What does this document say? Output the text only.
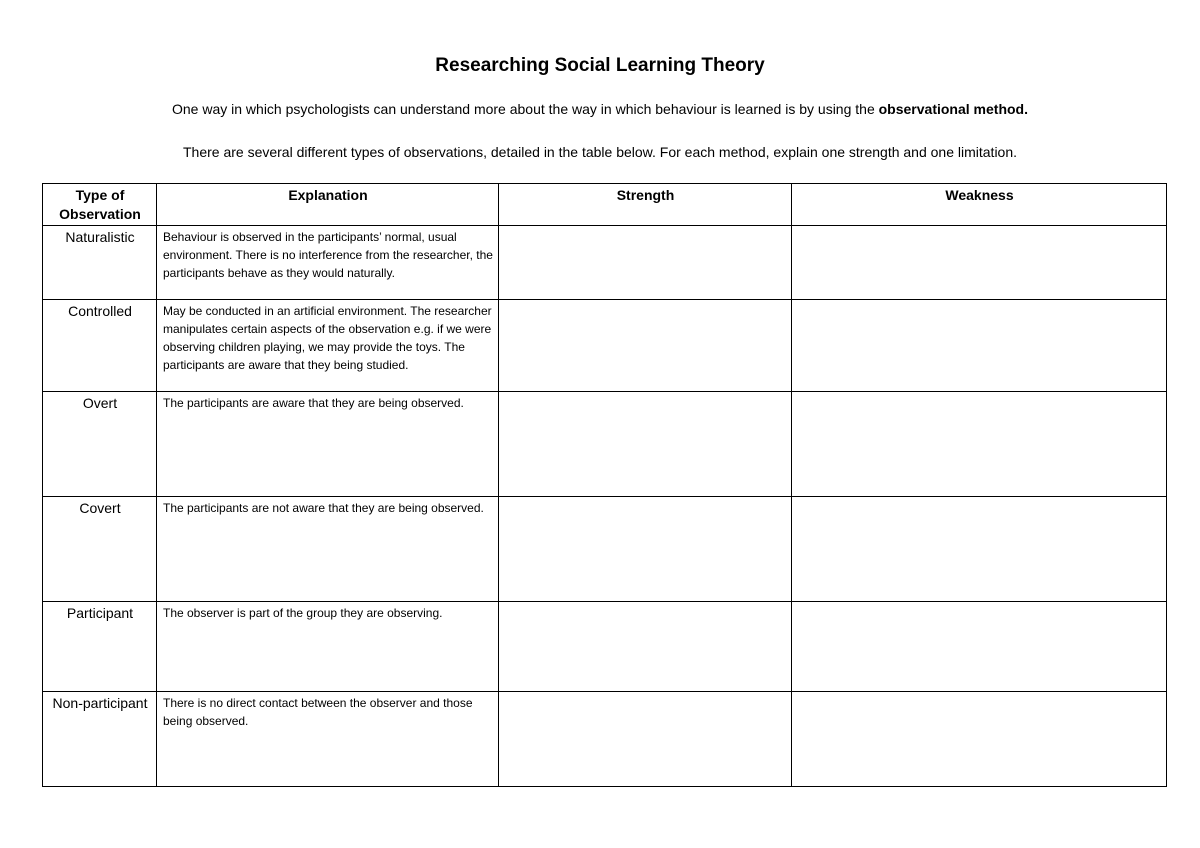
Researching Social Learning Theory
One way in which psychologists can understand more about the way in which behaviour is learned is by using the observational method.
There are several different types of observations, detailed in the table below. For each method, explain one strength and one limitation.
Type of Observation	Explanation	Strength	Weakness
Naturalistic	Behaviour is observed in the participants’ normal, usual environment. There is no interference from the researcher, the participants behave as they would naturally.		
Controlled	May be conducted in an artificial environment. The researcher manipulates certain aspects of the observation e.g. if we were observing children playing, we may provide the toys. The participants are aware that they being studied.		
Overt	The participants are aware that they are being observed.		
Covert	The participants are not aware that they are being observed.		
Participant	The observer is part of the group they are observing.		
Non-participant	There is no direct contact between the observer and those being observed.		
